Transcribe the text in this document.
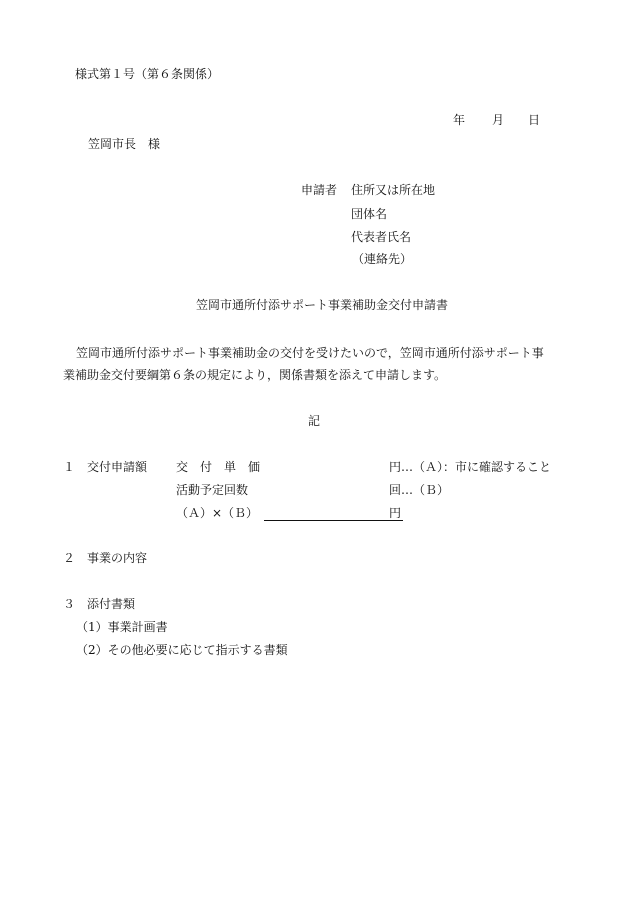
様式第１号（第６条関係）
年 月 日
笠岡市長　様
申請者 住所又は所在地
団体名
代表者氏名
（連絡先）
笠岡市通所付添サポート事業補助金交付申請書
笠岡市通所付添サポート事業補助金の交付を受けたいので，笠岡市通所付添サポート事
業補助金交付要綱第６条の規定により，関係書類を添えて申請します。
記
１　交付申請額 交　付　単　価	円…（Ａ）：市に確認すること
活動予定回数	回…（Ｂ）
（Ａ）×（Ｂ）	円
２　事業の内容
３　添付書類
（1）事業計画書
（2）その他必要に応じて指示する書類
